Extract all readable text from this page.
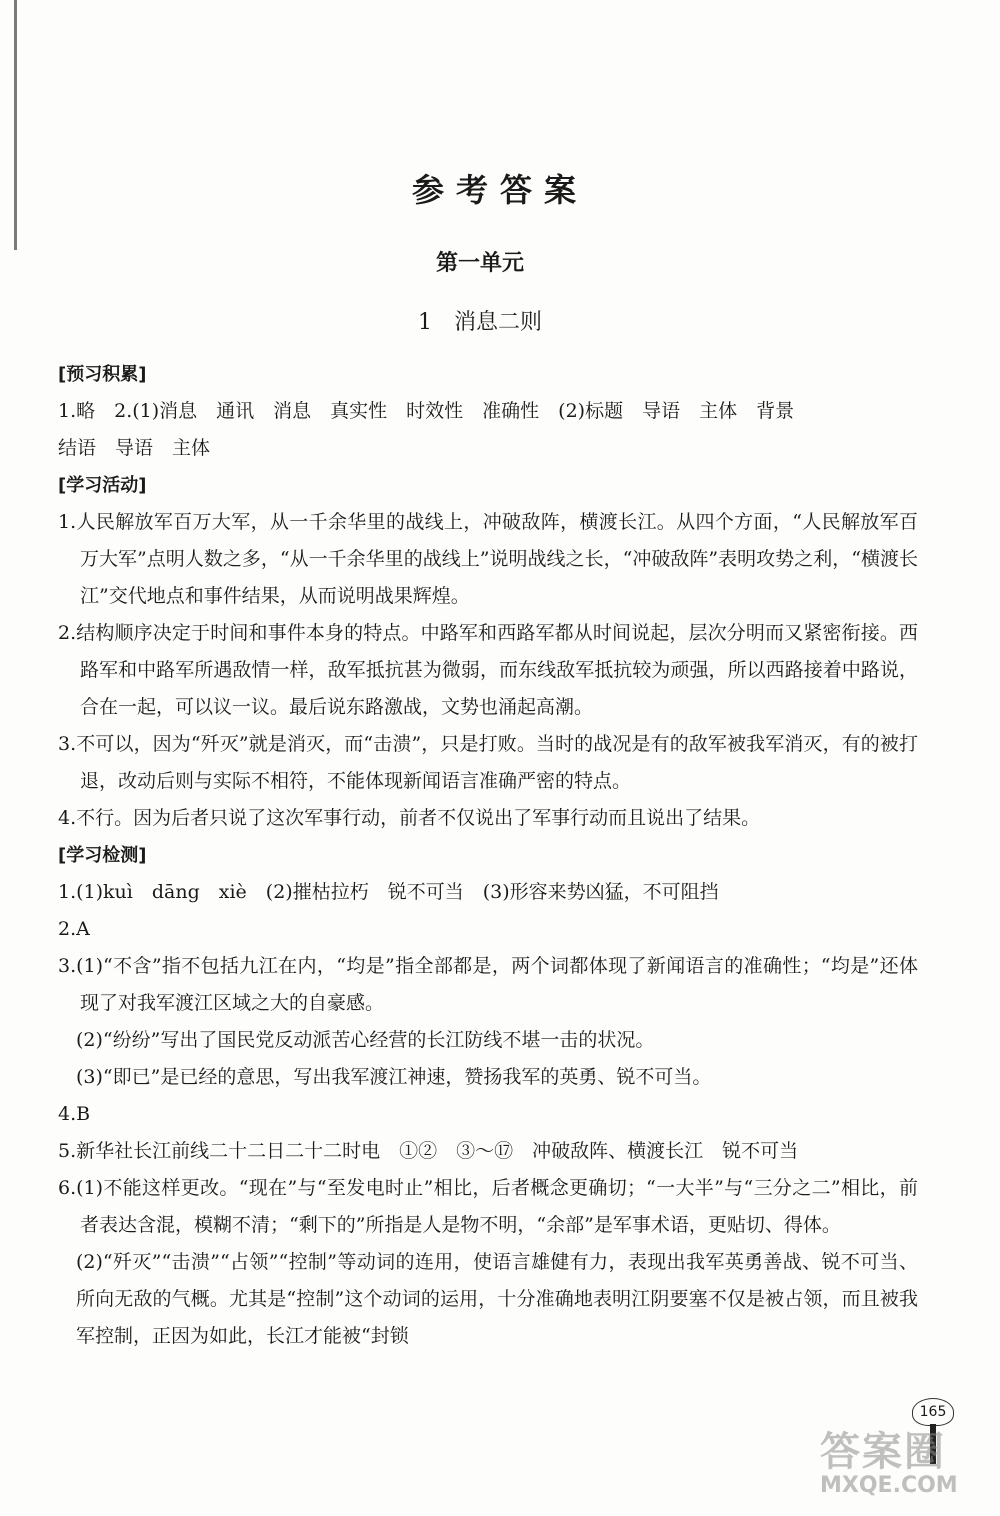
参考答案
第一单元
1　消息二则
[预习积累]
1.略　2.(1)消息　通讯　消息　真实性　时效性　准确性　(2)标题　导语　主体　背景
结语　导语　主体
[学习活动]
1.人民解放军百万大军，从一千余华里的战线上，冲破敌阵，横渡长江。从四个方面，“人民解放军百万大军”点明人数之多，“从一千余华里的战线上”说明战线之长，“冲破敌阵”表明攻势之利，“横渡长江”交代地点和事件结果，从而说明战果辉煌。
2.结构顺序决定于时间和事件本身的特点。中路军和西路军都从时间说起，层次分明而又紧密衔接。西路军和中路军所遇敌情一样，敌军抵抗甚为微弱，而东线敌军抵抗较为顽强，所以西路接着中路说，合在一起，可以议一议。最后说东路激战，文势也涌起高潮。
3.不可以，因为“歼灭”就是消灭，而“击溃”，只是打败。当时的战况是有的敌军被我军消灭，有的被打退，改动后则与实际不相符，不能体现新闻语言准确严密的特点。
4.不行。因为后者只说了这次军事行动，前者不仅说出了军事行动而且说出了结果。
[学习检测]
1.(1)kuì　dāng　xiè　(2)摧枯拉朽　锐不可当　(3)形容来势凶猛，不可阻挡
2.A
3.(1)“不含”指不包括九江在内，“均是”指全部都是，两个词都体现了新闻语言的准确性；“均是”还体现了对我军渡江区域之大的自豪感。
(2)“纷纷”写出了国民党反动派苦心经营的长江防线不堪一击的状况。
(3)“即已”是已经的意思，写出我军渡江神速，赞扬我军的英勇、锐不可当。
4.B
5.新华社长江前线二十二日二十二时电　①②　③～⑰　冲破敌阵、横渡长江　锐不可当
6.(1)不能这样更改。“现在”与“至发电时止”相比，后者概念更确切；“一大半”与“三分之二”相比，前者表达含混，模糊不清；“剩下的”所指是人是物不明，“余部”是军事术语，更贴切、得体。
(2)“歼灭”“击溃”“占领”“控制”等动词的连用，使语言雄健有力，表现出我军英勇善战、锐不可当、所向无敌的气概。尤其是“控制”这个动词的运用，十分准确地表明江阴要塞不仅是被占领，而且被我军控制，正因为如此，长江才能被“封锁
165
答案圈
MXQE.COM
